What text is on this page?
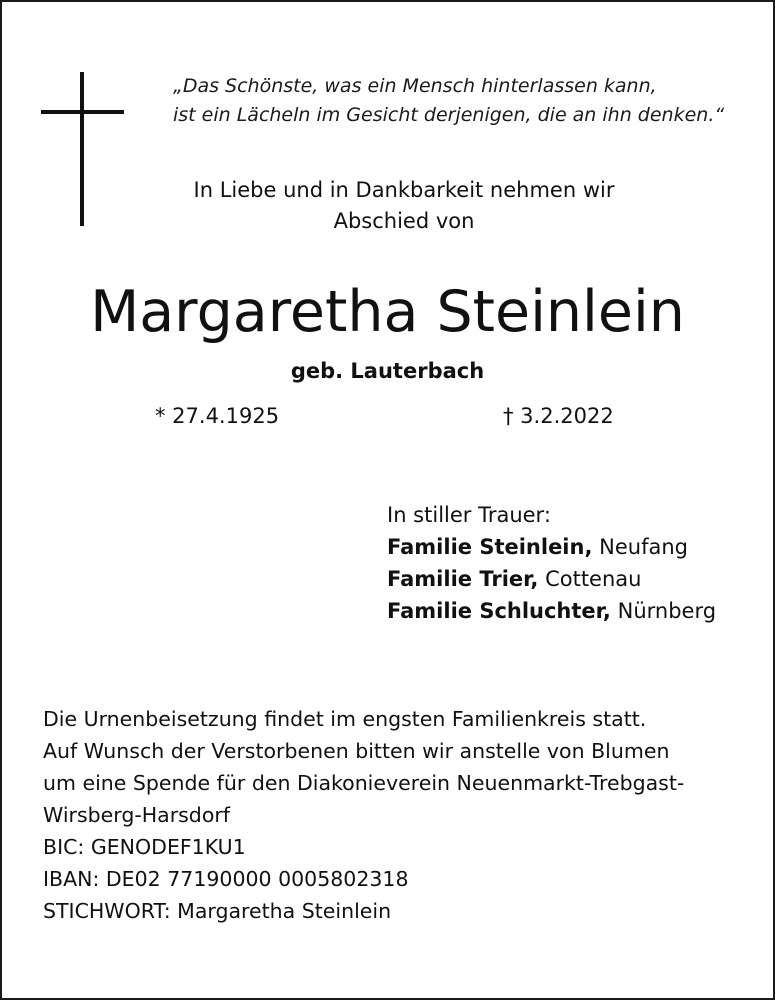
„Das Schönste, was ein Mensch hinterlassen kann,
ist ein Lächeln im Gesicht derjenigen, die an ihn denken.“
In Liebe und in Dankbarkeit nehmen wir
Abschied von
Margaretha Steinlein
geb. Lauterbach
* 27.4.1925	† 3.2.2022
In stiller Trauer:
Familie Steinlein, Neufang
Familie Trier, Cottenau
Familie Schluchter, Nürnberg
Die Urnenbeisetzung findet im engsten Familienkreis statt.
Auf Wunsch der Verstorbenen bitten wir anstelle von Blumen
um eine Spende für den Diakonieverein Neuenmarkt-Trebgast-
Wirsberg-Harsdorf
BIC: GENODEF1KU1
IBAN: DE02 77190000 0005802318
STICHWORT: Margaretha Steinlein
